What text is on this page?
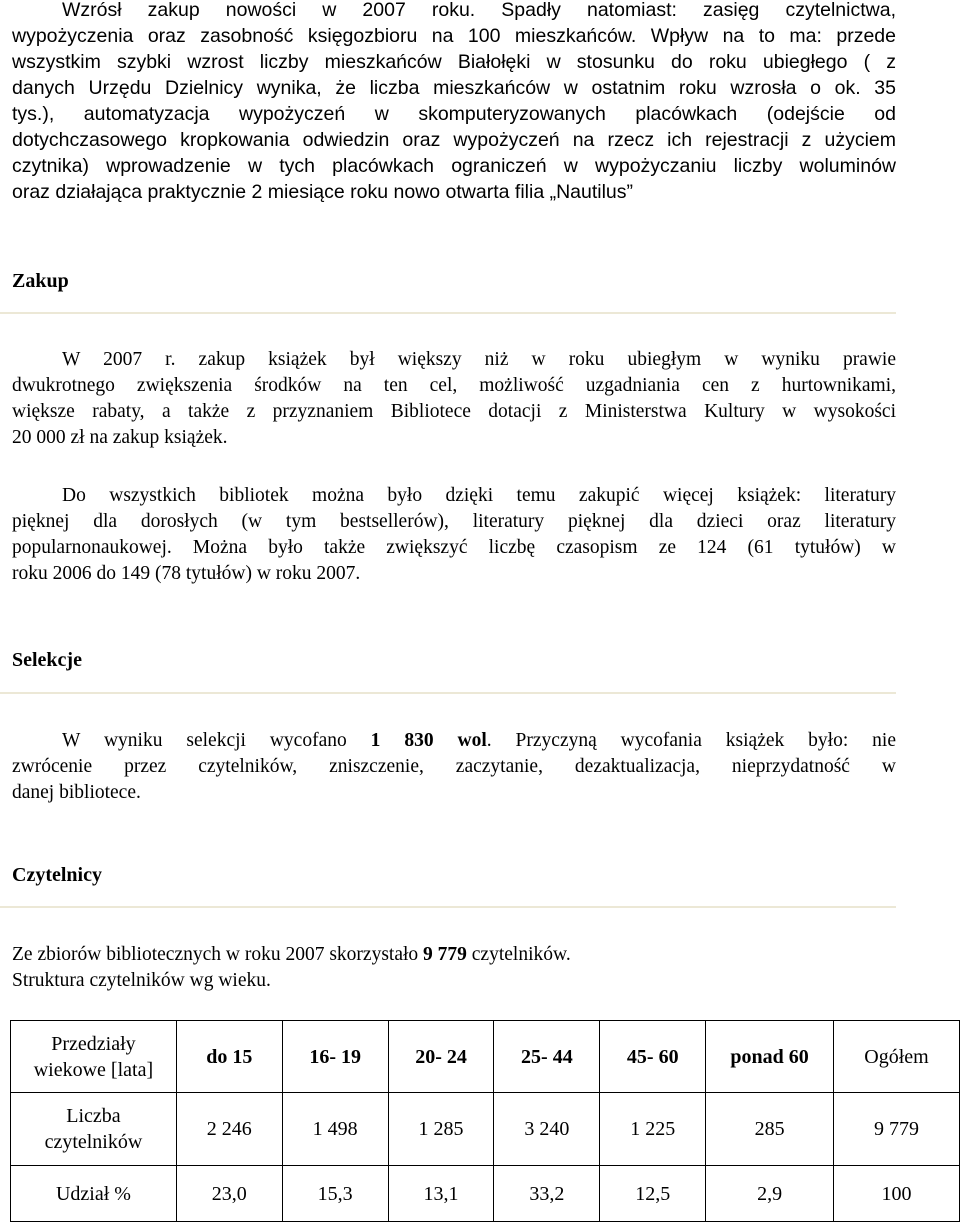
Wzrósł zakup nowości w 2007 roku. Spadły natomiast: zasięg czytelnictwa,
wypożyczenia oraz zasobność księgozbioru na 100 mieszkańców. Wpływ na to ma: przede
wszystkim szybki wzrost liczby mieszkańców Białołęki w stosunku do roku ubiegłego ( z
danych Urzędu Dzielnicy wynika, że liczba mieszkańców w ostatnim roku wzrosła o ok. 35
tys.), automatyzacja wypożyczeń w skomputeryzowanych placówkach (odejście od
dotychczasowego kropkowania odwiedzin oraz wypożyczeń na rzecz ich rejestracji z użyciem
czytnika) wprowadzenie w tych placówkach ograniczeń w wypożyczaniu liczby woluminów
oraz działająca praktycznie 2 miesiące roku nowo otwarta filia „Nautilus”
Zakup
W 2007 r. zakup książek był większy niż w roku ubiegłym w wyniku prawie
dwukrotnego zwiększenia środków na ten cel, możliwość uzgadniania cen z hurtownikami,
większe rabaty, a także z przyznaniem Bibliotece dotacji z Ministerstwa Kultury w wysokości
20 000 zł na zakup książek.
Do wszystkich bibliotek można było dzięki temu zakupić więcej książek: literatury
pięknej dla dorosłych (w tym bestsellerów), literatury pięknej dla dzieci oraz literatury
popularnonaukowej. Można było także zwiększyć liczbę czasopism ze 124 (61 tytułów) w
roku 2006 do 149 (78 tytułów) w roku 2007.
Selekcje
W wyniku selekcji wycofano 1 830 wol. Przyczyną wycofania książek było: nie
zwrócenie przez czytelników, zniszczenie, zaczytanie, dezaktualizacja, nieprzydatność w
danej bibliotece.
Czytelnicy
Ze zbiorów bibliotecznych w roku 2007 skorzystało 9 779 czytelników.
Struktura czytelników wg wieku.
Przedziały
wiekowe [lata]	do 15	16- 19	20- 24	25- 44	45- 60	ponad 60	Ogółem

Liczba
czytelników	2 246	1 498	1 285	3 240	1 225	285	9 779
Udział %	23,0	15,3	13,1	33,2	12,5	2,9	100
